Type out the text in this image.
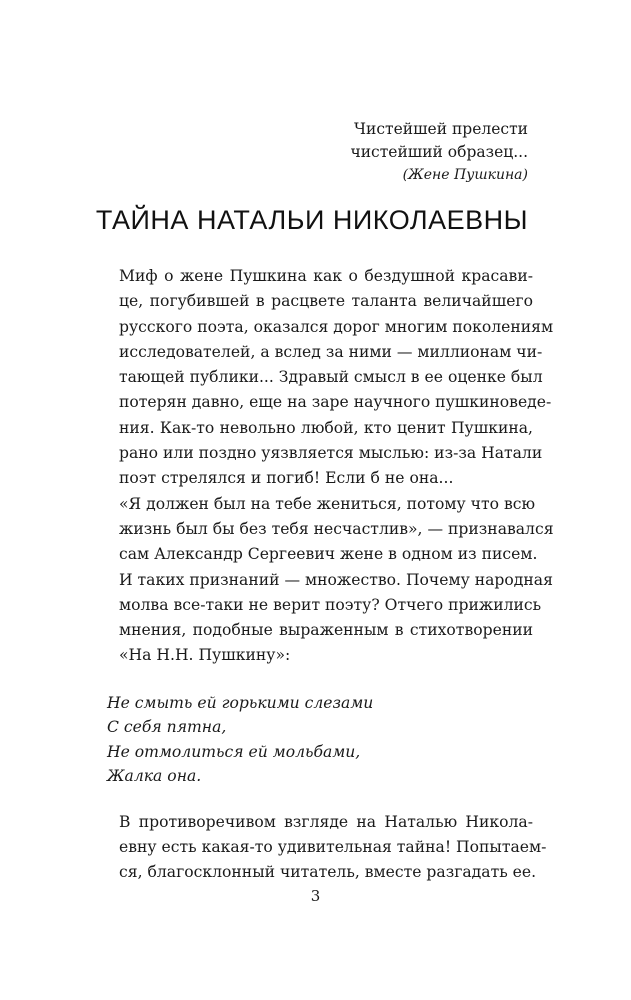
Чистейшей прелести
чистейший образец...
(Жене Пушкина)
ТАЙНА НАТАЛЬИ НИКОЛАЕВНЫ

Миф о жене Пушкина как о бездушной красави-
це, погубившей в расцвете таланта величайшего
русского поэта, оказался дорог многим поколениям
исследователей, а вслед за ними — миллионам чи-
тающей публики... Здравый смысл в ее оценке был
потерян давно, еще на заре научного пушкиноведе-
ния. Как-то невольно любой, кто ценит Пушкина,
рано или поздно уязвляется мыслью: из-за Натали
поэт стрелялся и погиб! Если б не она...

«Я должен был на тебе жениться, потому что всю
жизнь был бы без тебя несчастлив», — признавался
сам Александр Сергеевич жене в одном из писем.
И таких признаний — множество. Почему народная
молва все-таки не верит поэту? Отчего прижились
мнения, подобные выраженным в стихотворении
«На Н.Н. Пушкину»:

Не смыть ей горькими слезами
С себя пятна,
Не отмолиться ей мольбами,
Жалка она.

В противоречивом взгляде на Наталью Никола-
евну есть какая-то удивительная тайна! Попытаем-
ся, благосклонный читатель, вместе разгадать ее.

3
